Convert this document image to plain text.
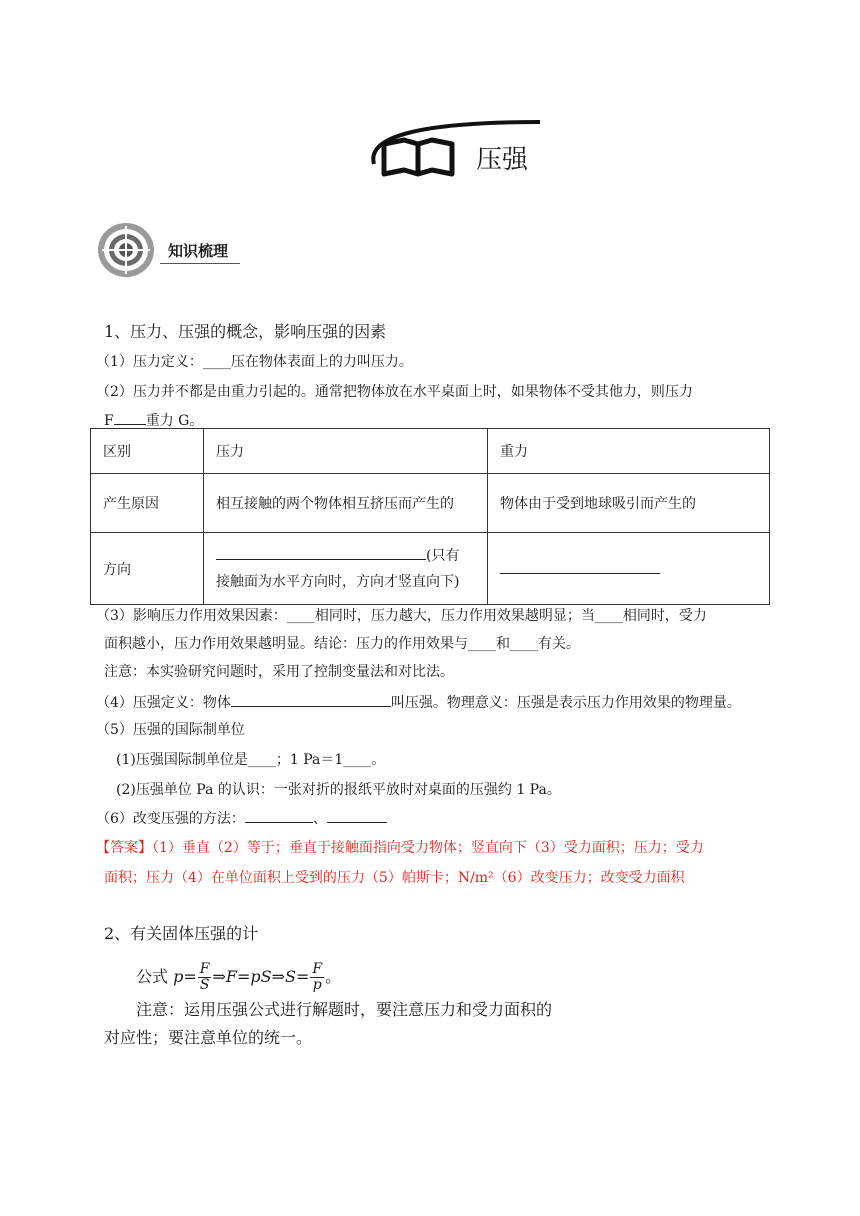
压强
知识梳理
1、压力、压强的概念，影响压强的因素
（1）压力定义：____压在物体表面上的力叫压力。
（2）压力并不都是由重力引起的。通常把物体放在水平桌面上时，如果物体不受其他力，则压力
F 重力 G。
区别	压力	重力
产生原因	相互接触的两个物体相互挤压而产生的	物体由于受到地球吸引而产生的
方向	(只有
接触面为水平方向时，方向才竖直向下)	
（3）影响压力作用效果因素：____相同时，压力越大，压力作用效果越明显；当____相同时，受力
面积越小，压力作用效果越明显。结论：压力的作用效果与____和____有关。
注意：本实验研究问题时，采用了控制变量法和对比法。
（4）压强定义：物体	叫压强。物理意义：压强是表示压力作用效果的物理量。
（5）压强的国际制单位
(1)压强国际制单位是____；1 Pa＝1____。
(2)压强单位 Pa 的认识：一张对折的报纸平放时对桌面的压强约 1 Pa。
（6）改变压强的方法：	、
【答案】（1）垂直（2）等于；垂直于接触面指向受力物体；竖直向下（3）受力面积；压力；受力
面积；压力（4）在单位面积上受到的压力（5）帕斯卡；N/m²（6）改变压力；改变受力面积
2、有关固体压强的计
公式 $p= \frac{F}{S}$ ⇒F=pS⇒S= $\frac{F}{p}$ 。
注意：运用压强公式进行解题时，要注意压力和受力面积的
对应性；要注意单位的统一。
